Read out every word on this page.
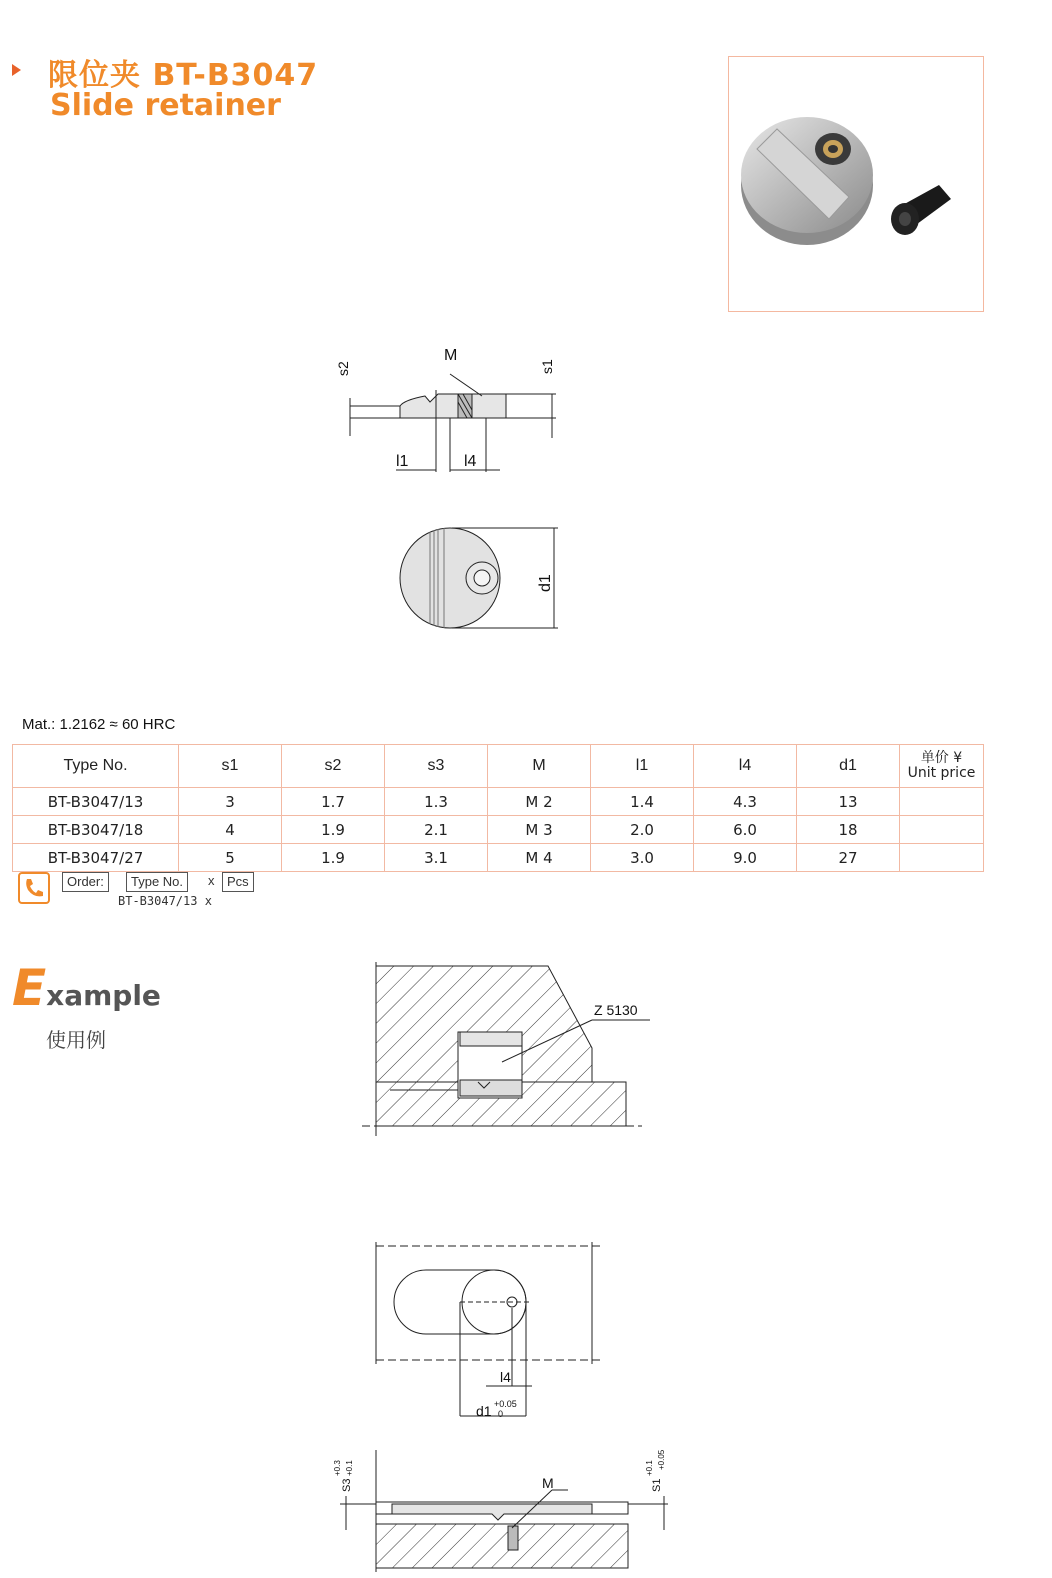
限位夹 BT-B3047
Slide retainer
M
l1	l4
s2	s1
d1
Mat.: 1.2162 ≈ 60 HRC
Type No.	s1	s2	s3	M	l1	l4	d1	单价 ¥
Unit price

BT-B3047/13	3	1.7	1.3	M 2	1.4	4.3	13	
BT-B3047/18	4	1.9	2.1	M 3	2.0	6.0	18	
BT-B3047/27	5	1.9	3.1	M 4	3.0	9.0	27	
Order:	Type No.	x Pcs
BT-B3047/13 x
Example
使用例
Z 5130
l4
d1 +0.05
0
M
S3
+0.3 +0.1
S1
+0.1 +0.05
